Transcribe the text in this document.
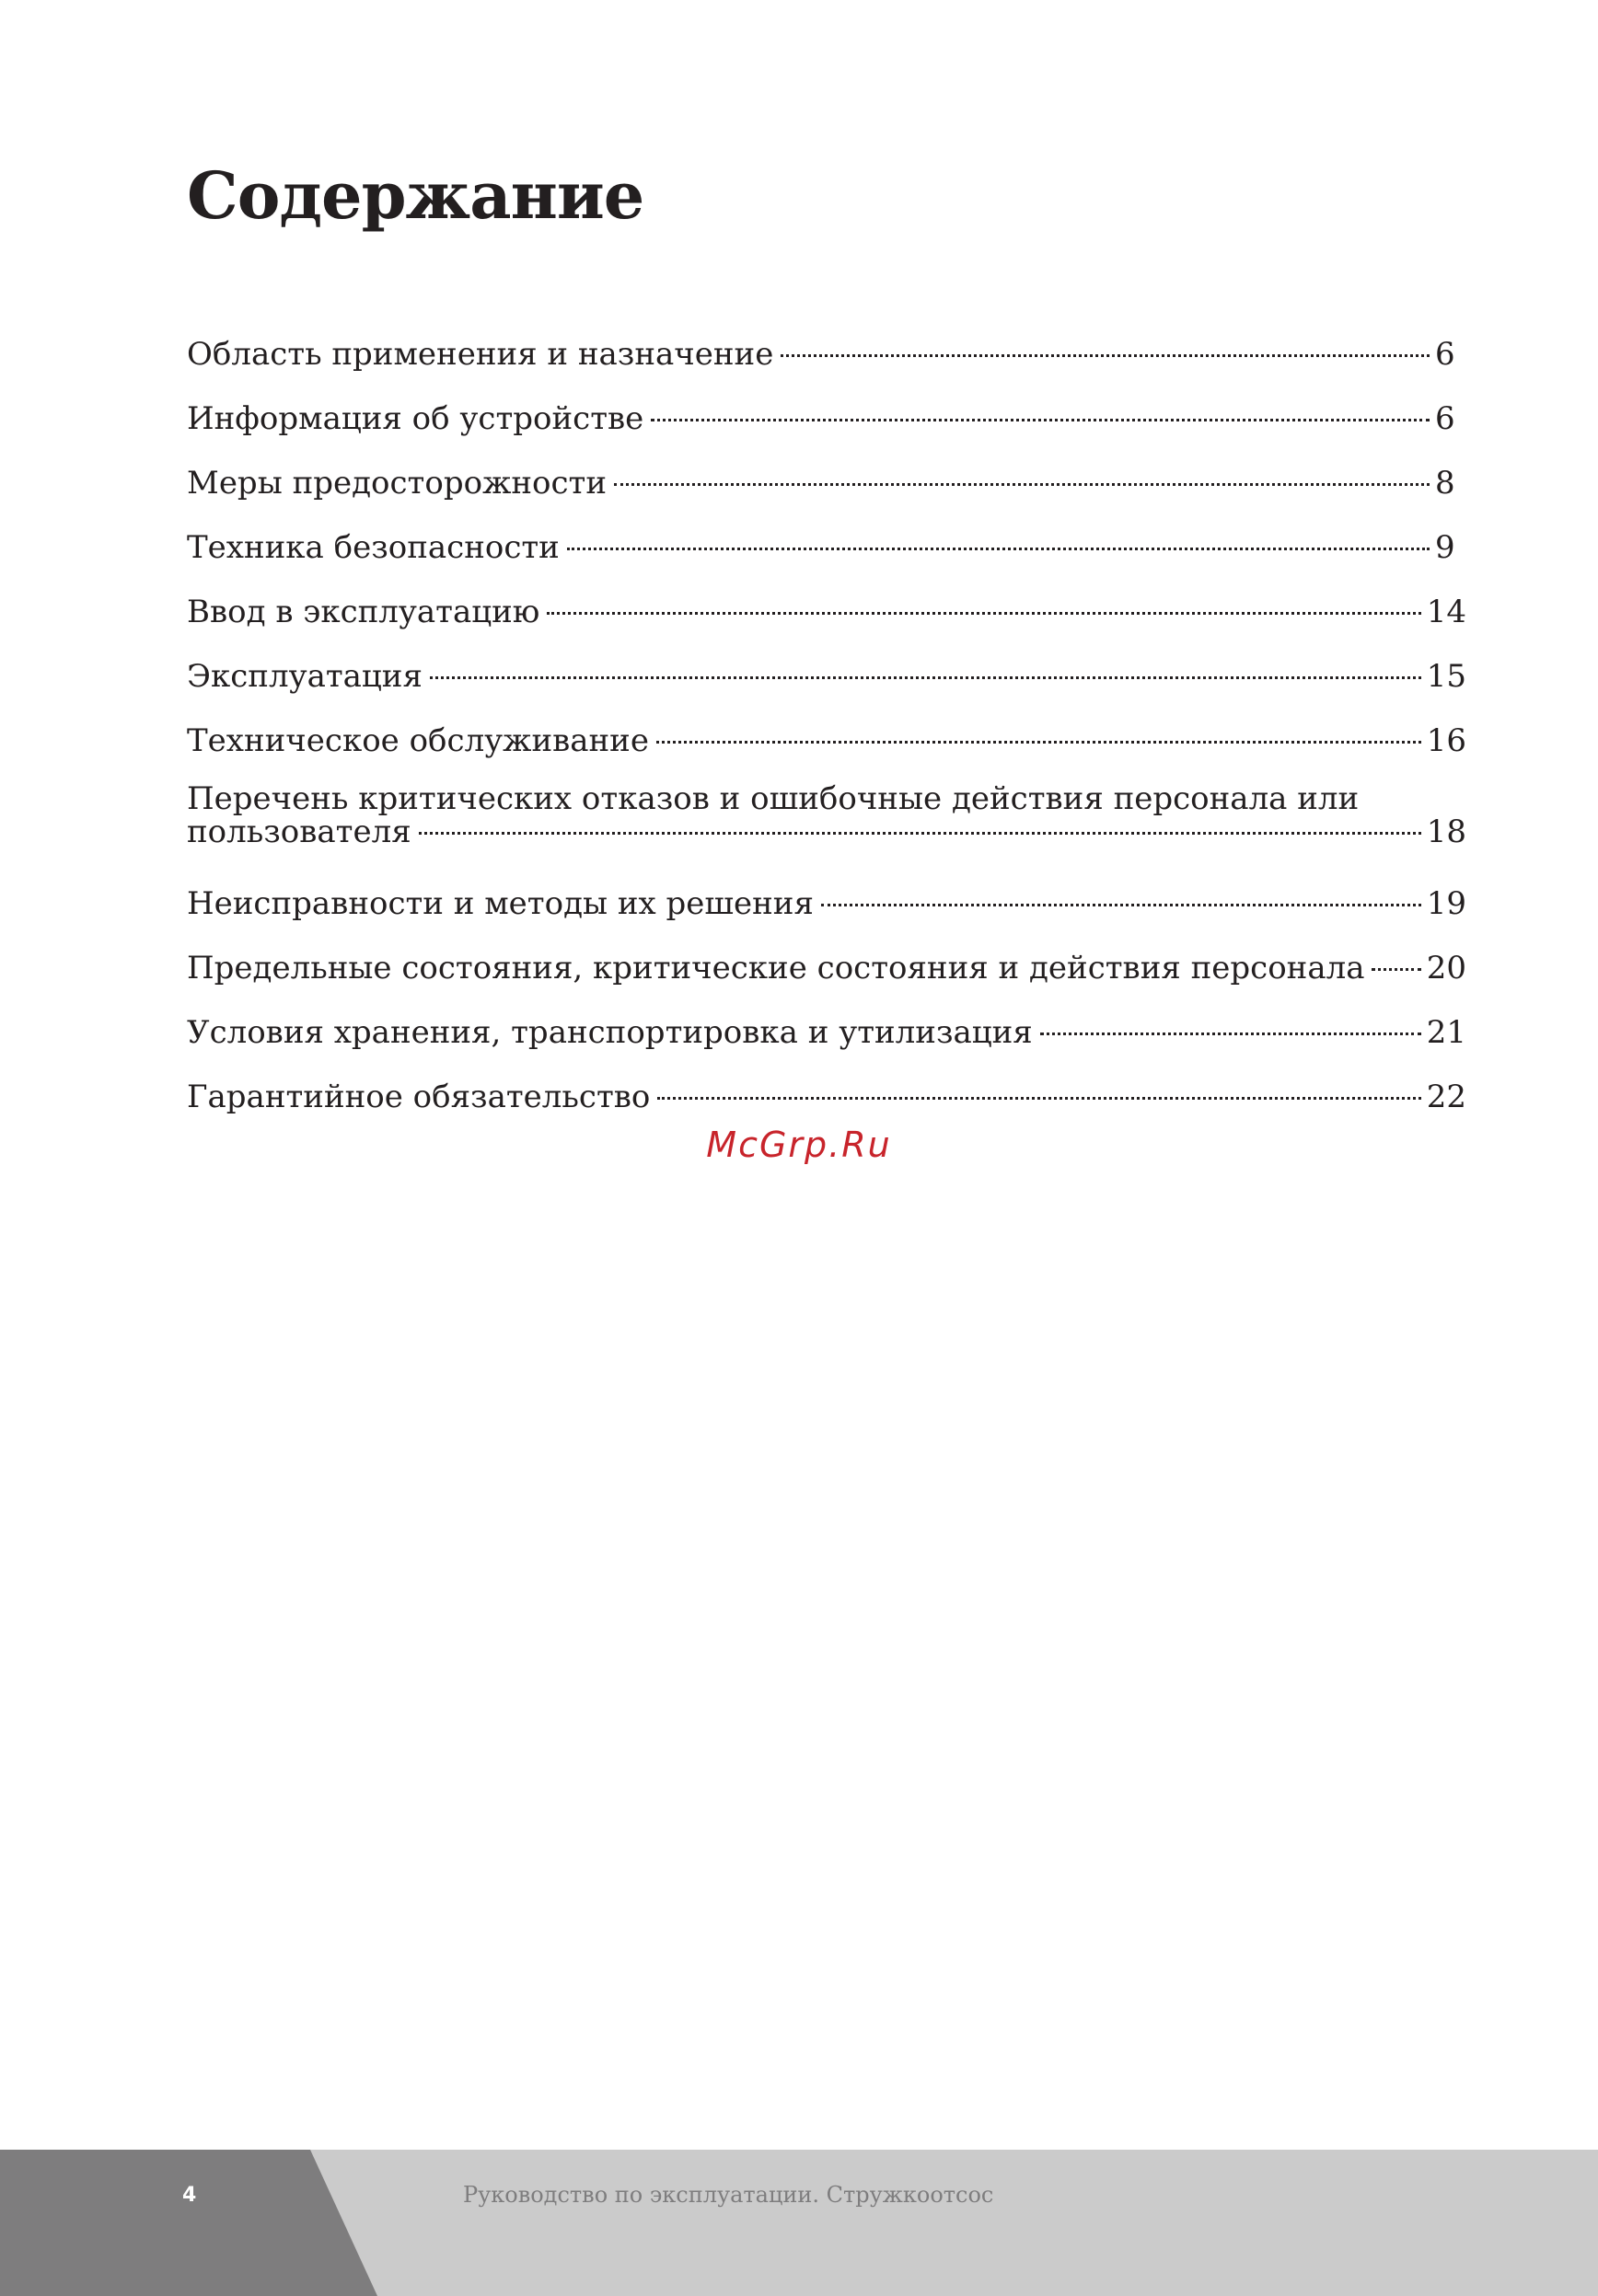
Содержание
Область применения и назначение	6
Информация об устройстве	6
Меры предосторожности	8
Техника безопасности	9
Ввод в эксплуатацию	14
Эксплуатация	15
Техническое обслуживание	16
Перечень критических отказов и ошибочные действия персонала или
пользователя	18
Неисправности и методы их решения	19
Предельные состояния, критические состояния и действия персонала 20
Условия хранения, транспортировка и утилизация	21
Гарантийное обязательство	22
McGrp.Ru
4	Руководство по эксплуатации. Стружкоотсос
